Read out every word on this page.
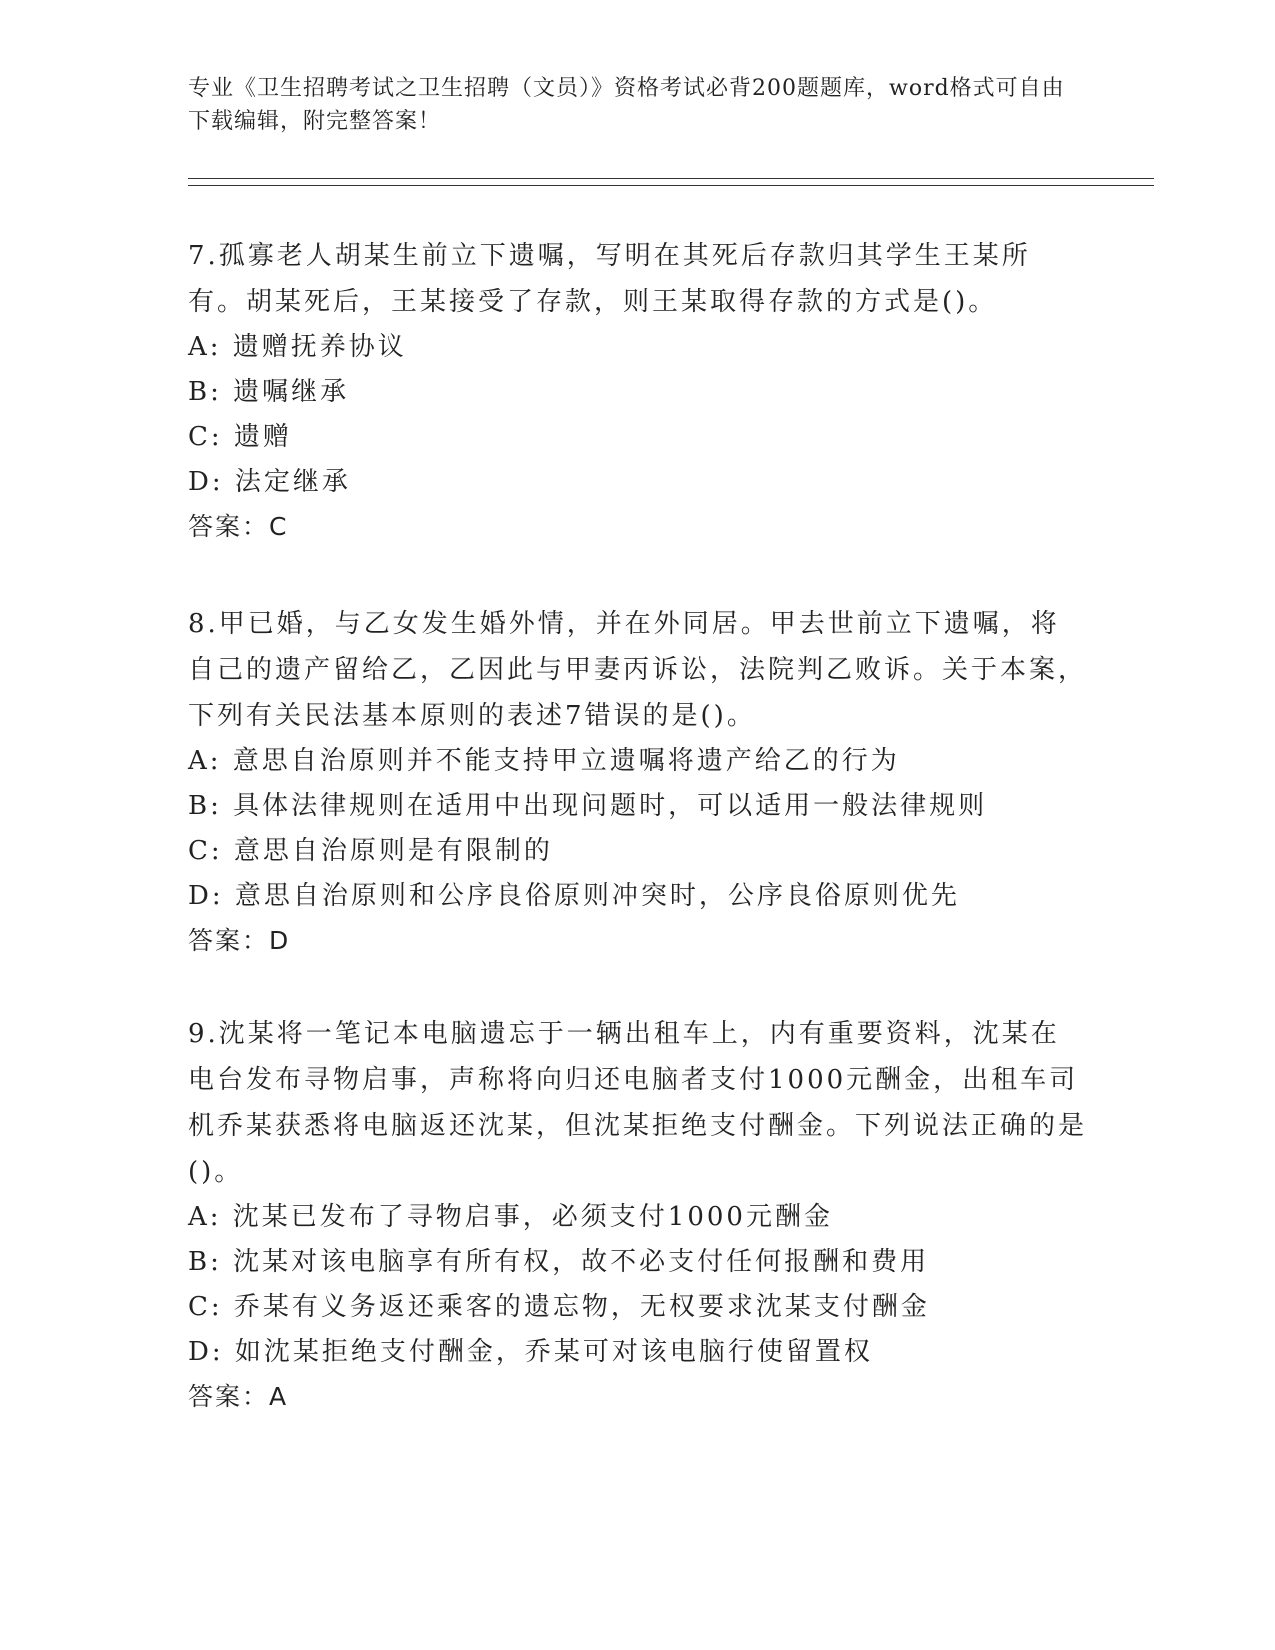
专业《卫生招聘考试之卫生招聘（文员）》资格考试必背200题题库，word格式可自由下载编辑，附完整答案！

7.孤寡老人胡某生前立下遗嘱，写明在其死后存款归其学生王某所有。胡某死后，王某接受了存款，则王某取得存款的方式是()。

A: 遗赠抚养协议

B: 遗嘱继承

C: 遗赠

D: 法定继承

答案：C

8.甲已婚，与乙女发生婚外情，并在外同居。甲去世前立下遗嘱，将自己的遗产留给乙，乙因此与甲妻丙诉讼，法院判乙败诉。关于本案，下列有关民法基本原则的表述7错误的是()。

A: 意思自治原则并不能支持甲立遗嘱将遗产给乙的行为

B: 具体法律规则在适用中出现问题时，可以适用一般法律规则

C: 意思自治原则是有限制的

D: 意思自治原则和公序良俗原则冲突时，公序良俗原则优先

答案：D

9.沈某将一笔记本电脑遗忘于一辆出租车上，内有重要资料，沈某在电台发布寻物启事，声称将向归还电脑者支付1000元酬金，出租车司机乔某获悉将电脑返还沈某，但沈某拒绝支付酬金。下列说法正确的是()。

A: 沈某已发布了寻物启事，必须支付1000元酬金

B: 沈某对该电脑享有所有权，故不必支付任何报酬和费用

C: 乔某有义务返还乘客的遗忘物，无权要求沈某支付酬金

D: 如沈某拒绝支付酬金，乔某可对该电脑行使留置权

答案：A
